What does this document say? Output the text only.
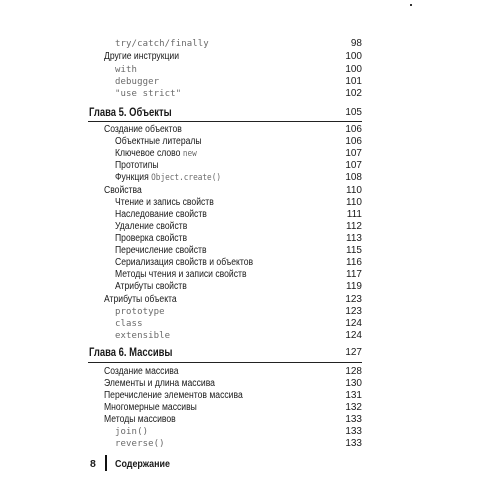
try/catch/finally	98
Другие инструкции	100
with	100
debugger	101
"use strict"	102
Глава 5. Объекты	105
Создание объектов	106
Объектные литералы	106
Ключевое слово new	107
Прототипы	107
Функция Object.create()	108
Свойства	110
Чтение и запись свойств	110
Наследование свойств	111
Удаление свойств	112
Проверка свойств	113
Перечисление свойств	115
Сериализация свойств и объектов	116
Методы чтения и записи свойств	117
Атрибуты свойств	119
Атрибуты объекта	123
prototype	123
class	124
extensible	124
Глава 6. Массивы	127
Создание массива	128
Элементы и длина массива	130
Перечисление элементов массива	131
Многомерные массивы	132
Методы массивов	133
join()	133
reverse()	133
8 Содержание
